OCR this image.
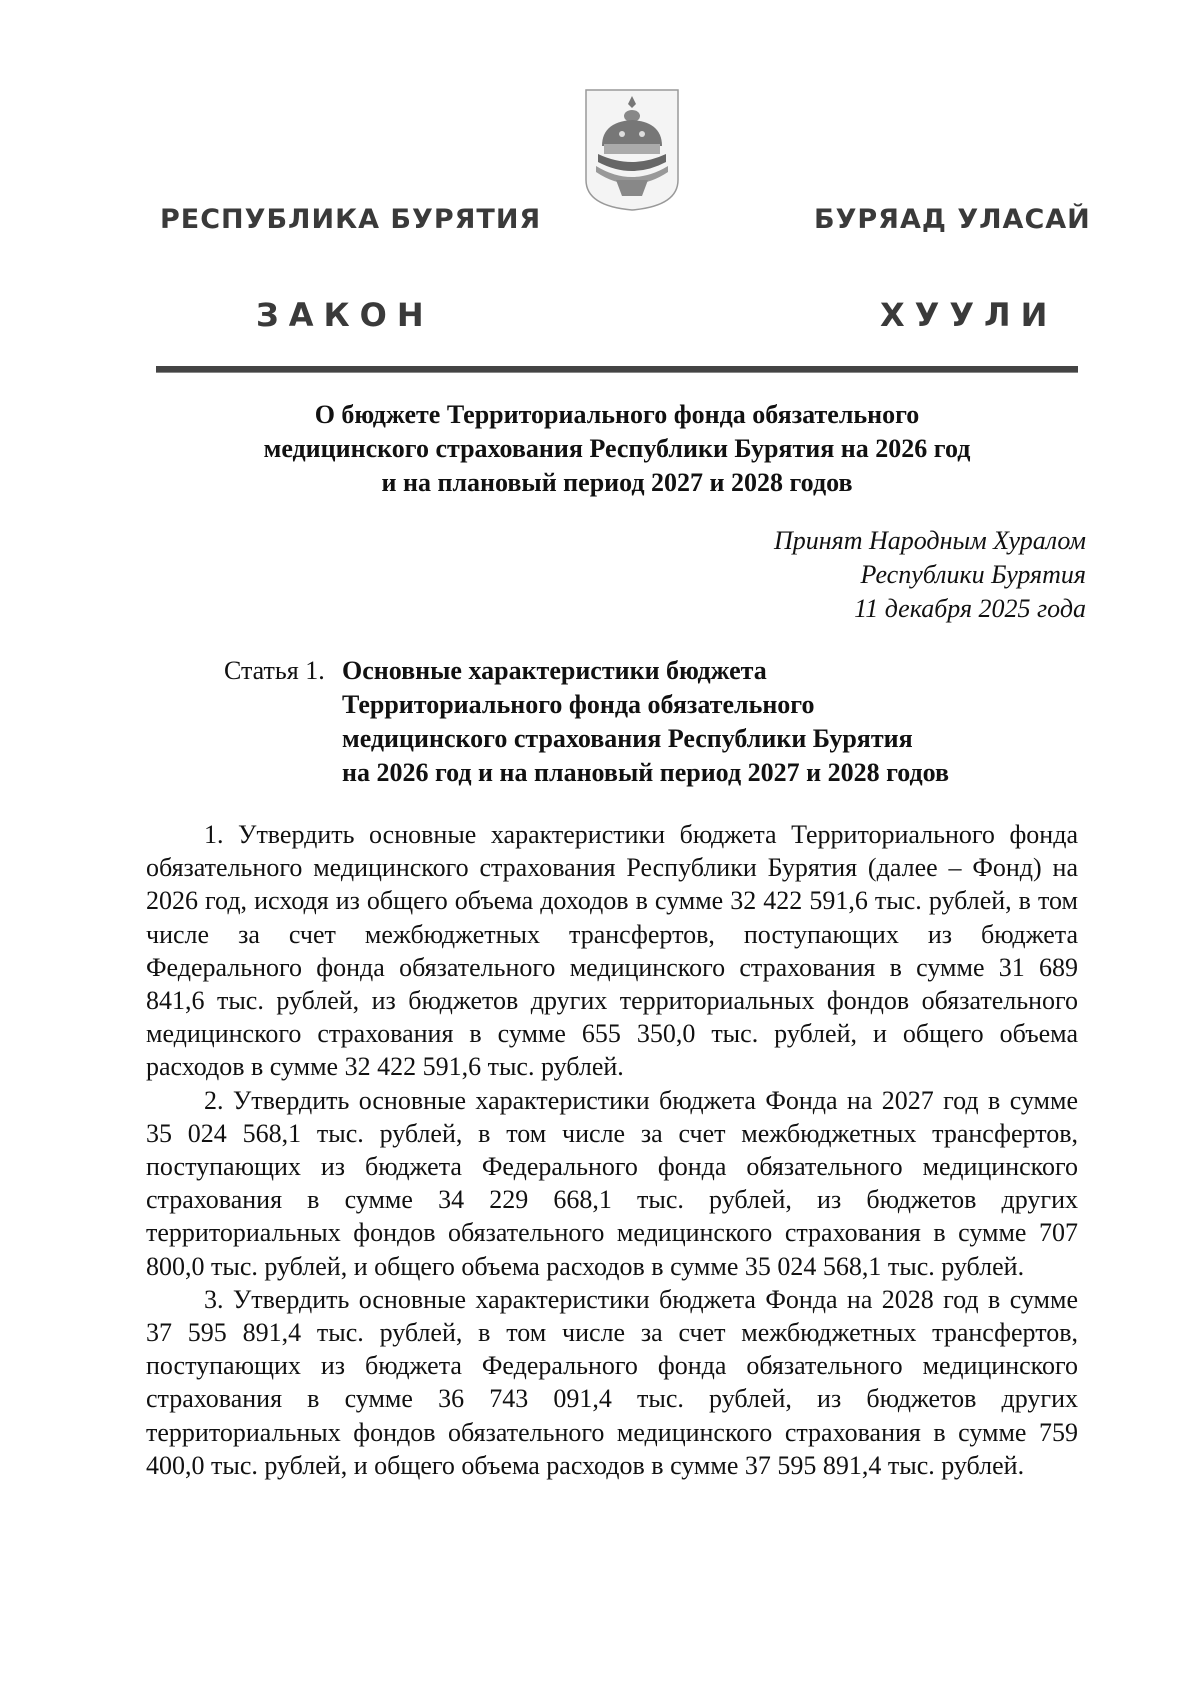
РЕСПУБЛИКА БУРЯТИЯ	БУРЯАД УЛАСАЙ
ЗАКОН	ХУУЛИ
О бюджете Территориального фонда обязательного
медицинского страхования Республики Бурятия на 2026 год
и на плановый период 2027 и 2028 годов
Принят Народным Хуралом
Республики Бурятия
11 декабря 2025 года
Статья 1. Основные характеристики бюджета
Территориального фонда обязательного
медицинского страхования Республики Бурятия
на 2026 год и на плановый период 2027 и 2028 годов

1. Утвердить основные характеристики бюджета Территориального фонда обязательного медицинского страхования Республики Бурятия (далее – Фонд) на 2026 год, исходя из общего объема доходов в сумме 32 422 591,6 тыс. рублей, в том числе за счет межбюджетных трансфертов, поступающих из бюджета Федерального фонда обязательного медицинского страхования в сумме 31 689 841,6 тыс. рублей, из бюджетов других территориальных фондов обязательного медицинского страхования в сумме 655 350,0 тыс. рублей, и общего объема расходов в сумме 32 422 591,6 тыс. рублей.

2. Утвердить основные характеристики бюджета Фонда на 2027 год в сумме 35 024 568,1 тыс. рублей, в том числе за счет межбюджетных трансфертов, поступающих из бюджета Федерального фонда обязательного медицинского страхования в сумме 34 229 668,1 тыс. рублей, из бюджетов других территориальных фондов обязательного медицинского страхования в сумме 707 800,0 тыс. рублей, и общего объема расходов в сумме 35 024 568,1 тыс. рублей.

3. Утвердить основные характеристики бюджета Фонда на 2028 год в сумме 37 595 891,4 тыс. рублей, в том числе за счет межбюджетных трансфертов, поступающих из бюджета Федерального фонда обязательного медицинского страхования в сумме 36 743 091,4 тыс. рублей, из бюджетов других территориальных фондов обязательного медицинского страхования в сумме 759 400,0 тыс. рублей, и общего объема расходов в сумме 37 595 891,4 тыс. рублей.
